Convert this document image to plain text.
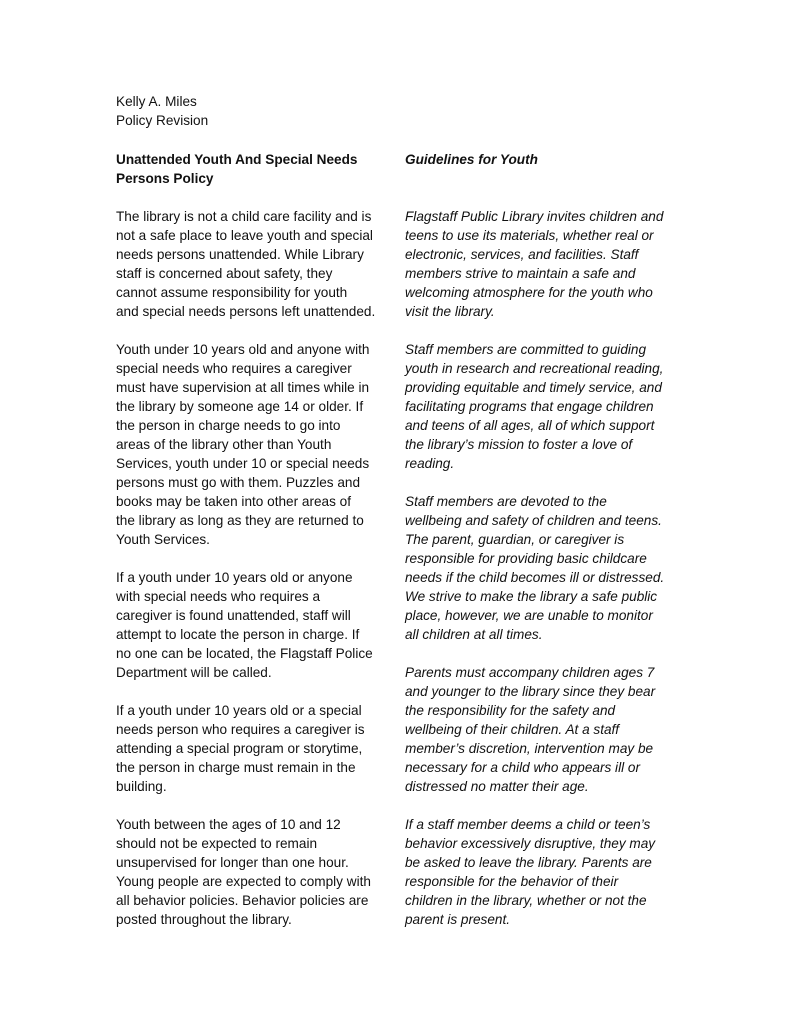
Kelly A. Miles
Policy Revision
Unattended Youth And Special Needs
Persons Policy

The library is not a child care facility and is
not a safe place to leave youth and special
needs persons unattended. While Library
staff is concerned about safety, they
cannot assume responsibility for youth
and special needs persons left unattended.

Youth under 10 years old and anyone with
special needs who requires a caregiver
must have supervision at all times while in
the library by someone age 14 or older. If
the person in charge needs to go into
areas of the library other than Youth
Services, youth under 10 or special needs
persons must go with them. Puzzles and
books may be taken into other areas of
the library as long as they are returned to
Youth Services.

If a youth under 10 years old or anyone
with special needs who requires a
caregiver is found unattended, staff will
attempt to locate the person in charge. If
no one can be located, the Flagstaff Police
Department will be called.

If a youth under 10 years old or a special
needs person who requires a caregiver is
attending a special program or storytime,
the person in charge must remain in the
building.

Youth between the ages of 10 and 12
should not be expected to remain
unsupervised for longer than one hour.
Young people are expected to comply with
all behavior policies. Behavior policies are
posted throughout the library.

Guidelines for Youth

Flagstaff Public Library invites children and
teens to use its materials, whether real or
electronic, services, and facilities. Staff
members strive to maintain a safe and
welcoming atmosphere for the youth who
visit the library.

Staff members are committed to guiding
youth in research and recreational reading,
providing equitable and timely service, and
facilitating programs that engage children
and teens of all ages, all of which support
the library’s mission to foster a love of
reading.

Staff members are devoted to the
wellbeing and safety of children and teens.
The parent, guardian, or caregiver is
responsible for providing basic childcare
needs if the child becomes ill or distressed.
We strive to make the library a safe public
place, however, we are unable to monitor
all children at all times.

Parents must accompany children ages 7
and younger to the library since they bear
the responsibility for the safety and
wellbeing of their children. At a staff
member’s discretion, intervention may be
necessary for a child who appears ill or
distressed no matter their age.

If a staff member deems a child or teen’s
behavior excessively disruptive, they may
be asked to leave the library. Parents are
responsible for the behavior of their
children in the library, whether or not the
parent is present.
